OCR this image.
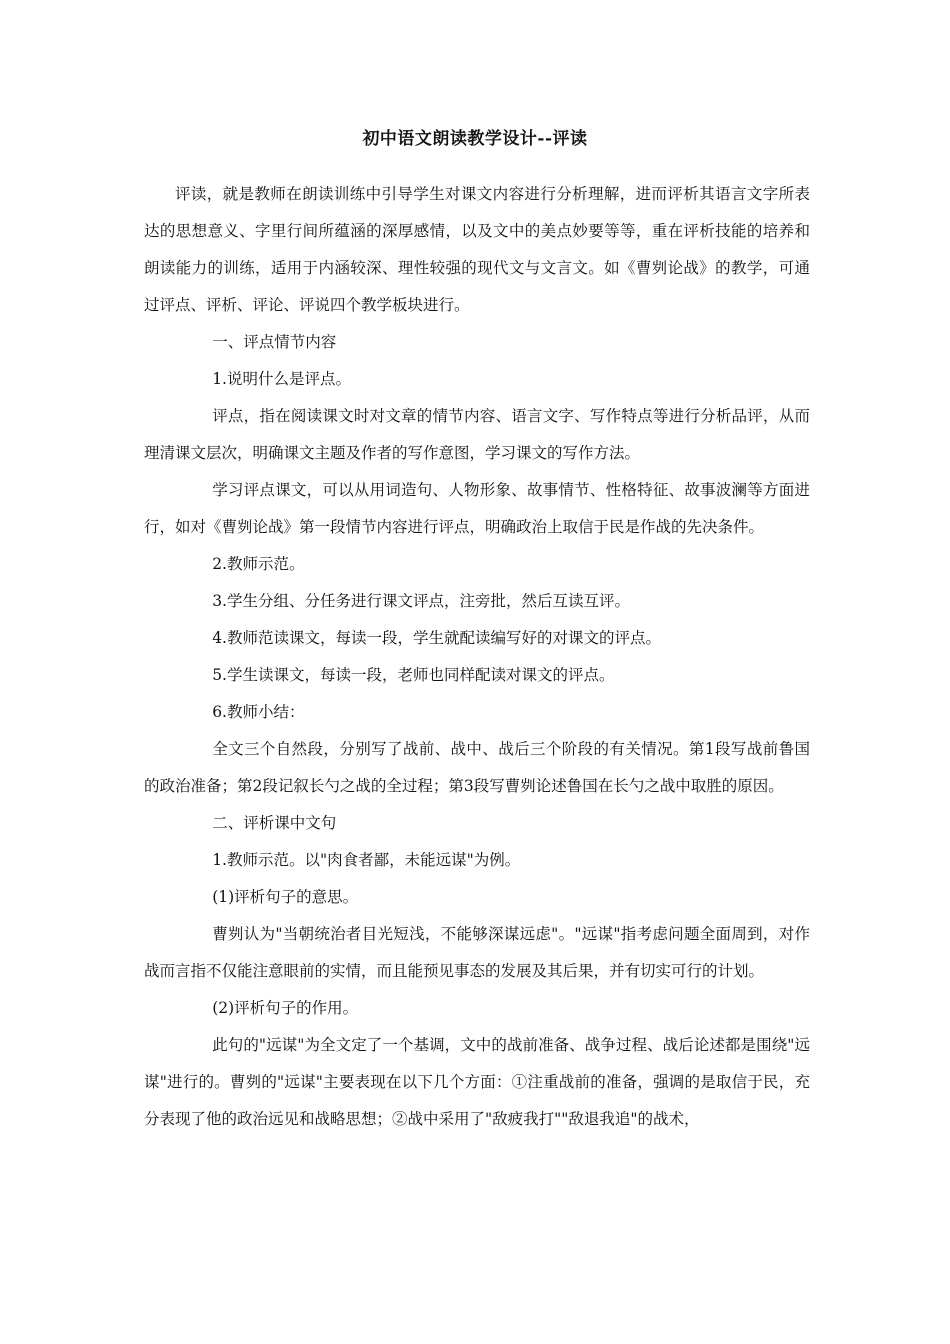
初中语文朗读教学设计--评读

评读，就是教师在朗读训练中引导学生对课文内容进行分析理解，进而评析其语言文字所表达的思想意义、字里行间所蕴涵的深厚感情，以及文中的美点妙要等等，重在评析技能的培养和朗读能力的训练，适用于内涵较深、理性较强的现代文与文言文。如《曹刿论战》的教学，可通过评点、评析、评论、评说四个教学板块进行。

一、评点情节内容

1.说明什么是评点。

评点，指在阅读课文时对文章的情节内容、语言文字、写作特点等进行分析品评，从而理清课文层次，明确课文主题及作者的写作意图，学习课文的写作方法。

学习评点课文，可以从用词造句、人物形象、故事情节、性格特征、故事波澜等方面进行，如对《曹刿论战》第一段情节内容进行评点，明确政治上取信于民是作战的先决条件。

2.教师示范。

3.学生分组、分任务进行课文评点，注旁批，然后互读互评。

4.教师范读课文，每读一段，学生就配读编写好的对课文的评点。

5.学生读课文，每读一段，老师也同样配读对课文的评点。

6.教师小结：

全文三个自然段，分别写了战前、战中、战后三个阶段的有关情况。第1段写战前鲁国的政治准备；第2段记叙长勺之战的全过程；第3段写曹刿论述鲁国在长勺之战中取胜的原因。

二、评析课中文句

1.教师示范。以"肉食者鄙，未能远谋"为例。

(1)评析句子的意思。

曹刿认为"当朝统治者目光短浅，不能够深谋远虑"。"远谋"指考虑问题全面周到，对作战而言指不仅能注意眼前的实情，而且能预见事态的发展及其后果，并有切实可行的计划。

(2)评析句子的作用。

此句的"远谋"为全文定了一个基调，文中的战前准备、战争过程、战后论述都是围绕"远谋"进行的。曹刿的"远谋"主要表现在以下几个方面：①注重战前的准备，强调的是取信于民，充分表现了他的政治远见和战略思想；②战中采用了"敌疲我打""敌退我追"的战术，
